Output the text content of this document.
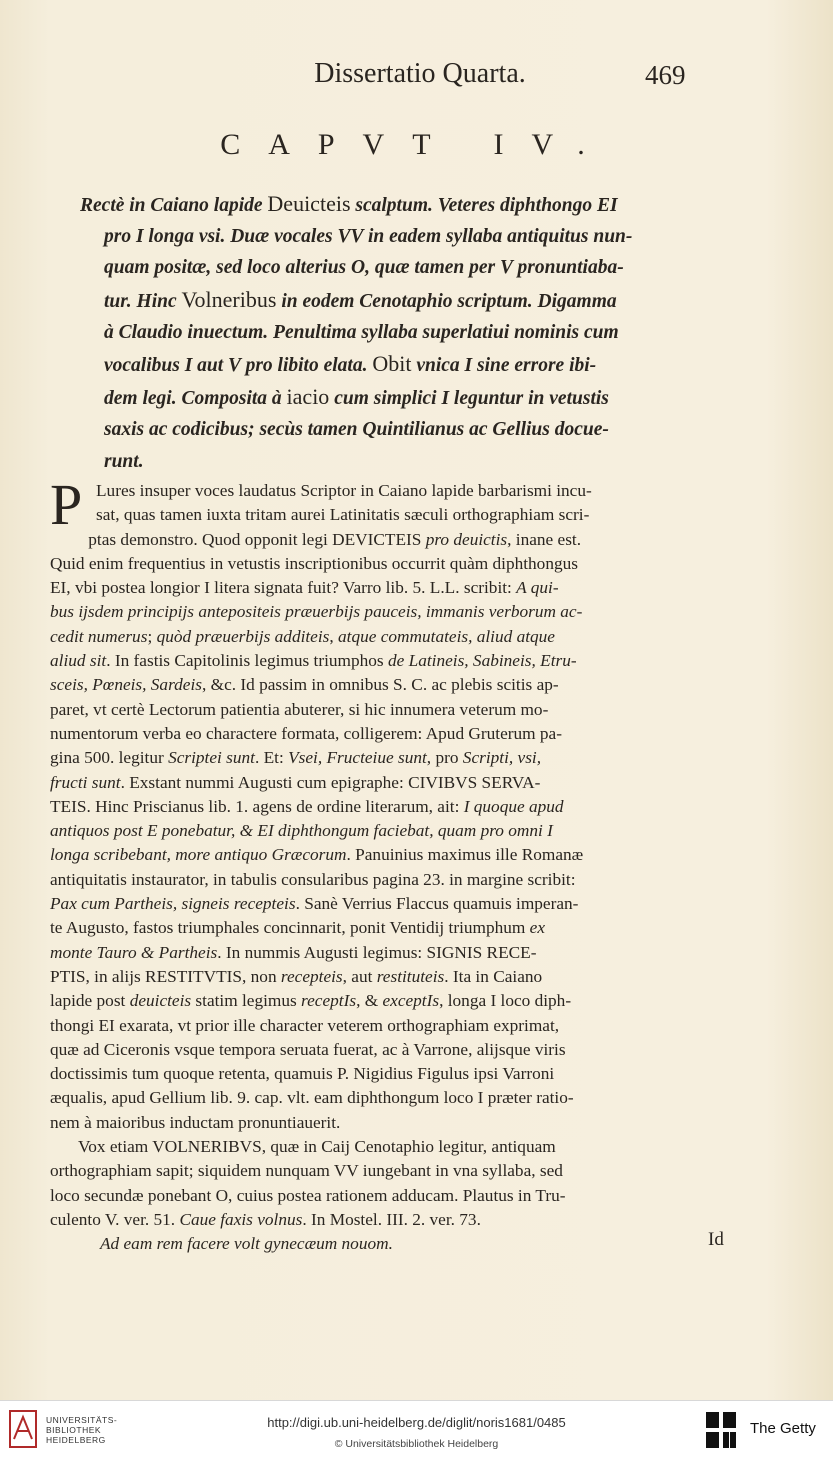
Dissertatio Quarta.	469
CAPVT IV.
Rectè in Caiano lapide Deuicteis scalptum. Veteres diphthongo EI
pro I longa vsi. Duæ vocales VV in eadem syllaba antiquitus nun-
quam positæ, sed loco alterius O, quæ tamen per V pronuntiaba-
tur. Hinc Volneribus in eodem Cenotaphio scriptum. Digamma
à Claudio inuectum. Penultima syllaba superlatiui nominis cum
vocalibus I aut V pro libito elata. Obit vnica I sine errore ibi-
dem legi. Composita à iacio cum simplici I leguntur in vetustis
saxis ac codicibus; secùs tamen Quintilianus ac Gellius docue-
runt.
P Lures insuper voces laudatus Scriptor in Caiano lapide barbarismi incu-
sat, quas tamen iuxta tritam aurei Latinitatis sæculi orthographiam scri-
ptas demonstro. Quod opponit legi DEVICTEIS pro deuictis, inane est.
Quid enim frequentius in vetustis inscriptionibus occurrit quàm diphthongus
EI, vbi postea longior I litera signata fuit? Varro lib. 5. L.L. scribit: A qui-
bus ijsdem principijs antepositeis præuerbijs pauceis, immanis verborum ac-
cedit numerus; quòd præuerbijs additeis, atque commutateis, aliud atque
aliud sit. In fastis Capitolinis legimus triumphos de Latineis, Sabineis, Etru-
sceis, Pœneis, Sardeis, &c. Id passim in omnibus S. C. ac plebis scitis ap-
paret, vt certè Lectorum patientia abuterer, si hic innumera veterum mo-
numentorum verba eo charactere formata, colligerem: Apud Gruterum pa-
gina 500. legitur Scriptei sunt. Et: Vsei, Fructeiue sunt, pro Scripti, vsi,
fructi sunt. Exstant nummi Augusti cum epigraphe: CIVIBVS SERVA-
TEIS. Hinc Priscianus lib. 1. agens de ordine literarum, ait: I quoque apud
antiquos post E ponebatur, & EI diphthongum faciebat, quam pro omni I
longa scribebant, more antiquo Græcorum. Panuinius maximus ille Romanæ
antiquitatis instaurator, in tabulis consularibus pagina 23. in margine scribit:
Pax cum Partheis, signeis recepteis. Sanè Verrius Flaccus quamuis imperan-
te Augusto, fastos triumphales concinnarit, ponit Ventidij triumphum ex
monte Tauro & Partheis. In nummis Augusti legimus: SIGNIS RECE-
PTIS, in alijs RESTITVTIS, non recepteis, aut restituteis. Ita in Caiano
lapide post deuicteis statim legimus receptIs, & exceptIs, longa I loco diph-
thongi EI exarata, vt prior ille character veterem orthographiam exprimat,
quæ ad Ciceronis vsque tempora seruata fuerat, ac à Varrone, alijsque viris
doctissimis tum quoque retenta, quamuis P. Nigidius Figulus ipsi Varroni
æqualis, apud Gellium lib. 9. cap. vlt. eam diphthongum loco I præter ratio-
nem à maioribus inductam pronuntiauerit.
Vox etiam VOLNERIBVS, quæ in Caij Cenotaphio legitur, antiquam
orthographiam sapit; siquidem nunquam VV iungebant in vna syllaba, sed
loco secundæ ponebant O, cuius postea rationem adducam. Plautus in Tru-
culento V. ver. 51. Caue faxis volnus. In Mostel. III. 2. ver. 73.
Ad eam rem facere volt gynecæum nouom.	Id
UNIVERSITÄTS-
BIBLIOTHEK
HEIDELBERG
http://digi.ub.uni-heidelberg.de/diglit/noris1681/0485
© Universitätsbibliothek Heidelberg
The Getty
